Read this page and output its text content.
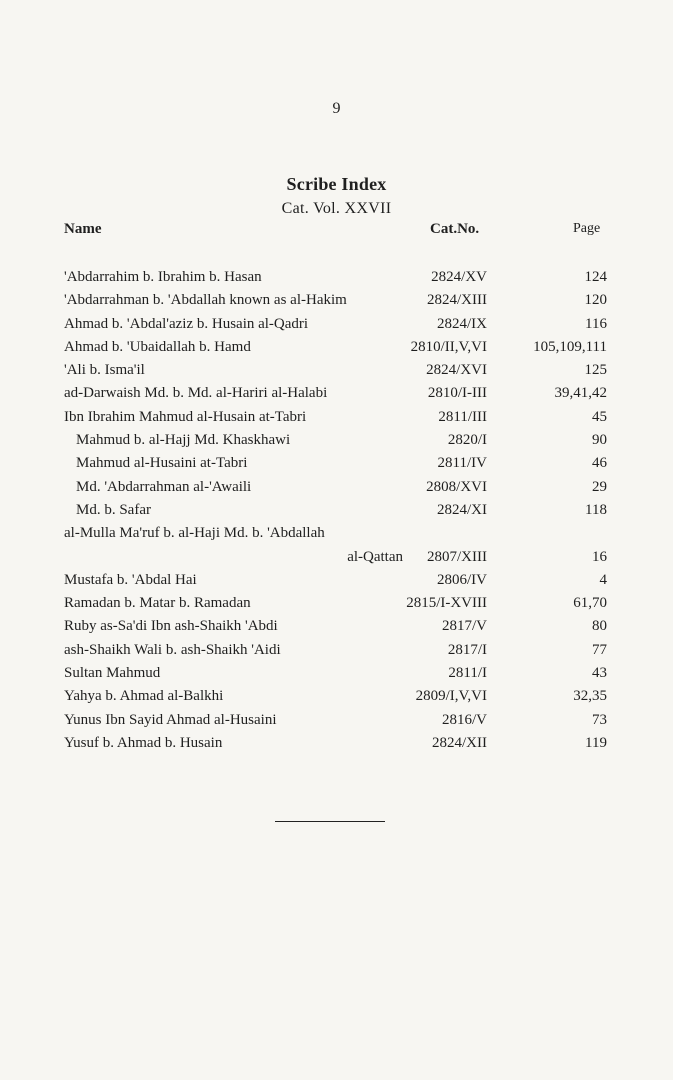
9
Scribe Index
Cat. Vol. XXVII
Name	Cat.No.	Page
'Abdarrahim b. Ibrahim b. Hasan	2824/XV	124
'Abdarrahman b. 'Abdallah known as al-Hakim	2824/XIII	120
Ahmad b. 'Abdal'aziz b. Husain al-Qadri	2824/IX	116
Ahmad b. 'Ubaidallah b. Hamd	2810/II,V,VI	105,109,111
'Ali b. Isma'il	2824/XVI	125
ad-Darwaish Md. b. Md. al-Hariri al-Halabi	2810/I-III	39,41,42
Ibn Ibrahim Mahmud al-Husain at-Tabri	2811/III	45
Mahmud b. al-Hajj Md. Khaskhawi	2820/I	90
Mahmud al-Husaini at-Tabri	2811/IV	46
Md. 'Abdarrahman al-'Awaili	2808/XVI	29
Md. b. Safar	2824/XI	118
al-Mulla Ma'ruf b. al-Haji Md. b. 'Abdallah
al-Qattan 2807/XIII	16
Mustafa b. 'Abdal Hai	2806/IV	4
Ramadan b. Matar b. Ramadan	2815/I-XVIII	61,70
Ruby as-Sa'di Ibn ash-Shaikh 'Abdi	2817/V	80
ash-Shaikh Wali b. ash-Shaikh 'Aidi	2817/I	77
Sultan Mahmud	2811/I	43
Yahya b. Ahmad al-Balkhi	2809/I,V,VI	32,35
Yunus Ibn Sayid Ahmad al-Husaini	2816/V	73
Yusuf b. Ahmad b. Husain	2824/XII	119
